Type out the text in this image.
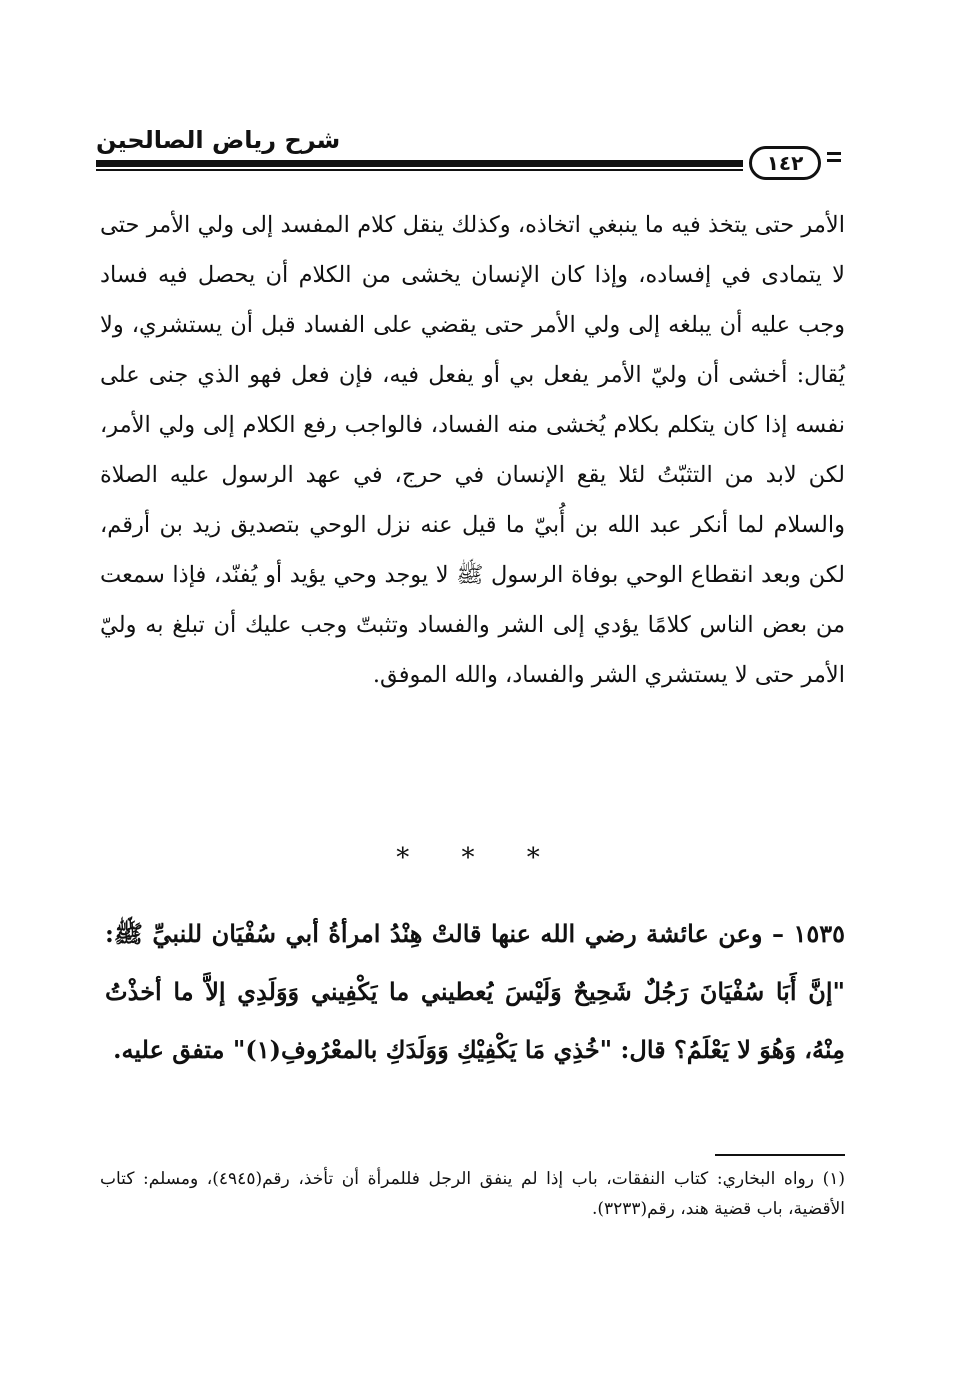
شرح رياض الصالحين
١٤٢

الأمر حتى يتخذ فيه ما ينبغي اتخاذه، وكذلك ينقل كلام المفسد إلى ولي الأمر حتى لا يتمادى في إفساده، وإذا كان الإنسان يخشى من الكلام أن يحصل فيه فساد وجب عليه أن يبلغه إلى ولي الأمر حتى يقضي على الفساد قبل أن يستشري، ولا يُقال: أخشى أن وليّ الأمر يفعل بي أو يفعل فيه، فإن فعل فهو الذي جنى على نفسه إذا كان يتكلم بكلام يُخشى منه الفساد، فالواجب رفع الكلام إلى ولي الأمر، لكن لابد من التثبّتُ لئلا يقع الإنسان في حرج، في عهد الرسول عليه الصلاة والسلام لما أنكر عبد الله بن أُبيّ ما قيل عنه نزل الوحي بتصديق زيد بن أرقم، لكن وبعد انقطاع الوحي بوفاة الرسول ﷺ لا يوجد وحي يؤيد أو يُفنّد، فإذا سمعت من بعض الناس كلامًا يؤدي إلى الشر والفساد وتثبتّ وجب عليك أن تبلغ به وليّ الأمر حتى لا يستشري الشر والفساد، والله الموفق.

* * *

١٥٣٥ – وعن عائشة رضي الله عنها قالتْ هِنْدُ امرأةُ أبي سُفْيَان للنبيِّ ﷺ: "إنَّ أَبَا سُفْيَانَ رَجُلٌ شَحِيحٌ وَلَيْسَ يُعطيني ما يَكْفِيني وَوَلَدِي إلاَّ ما أخذْتُ مِنْهُ، وَهُوَ لا يَعْلَمُ؟ قال: "خُذِي مَا يَكْفِيْكِ وَوَلَدَكِ بالمعْرُوفِ(١)" متفق عليه.

(١) رواه البخاري: كتاب النفقات، باب إذا لم ينفق الرجل فللمرأة أن تأخذ، رقم(٤٩٤٥)، ومسلم: كتاب الأقضية، باب قضية هند، رقم(٣٢٣٣).
